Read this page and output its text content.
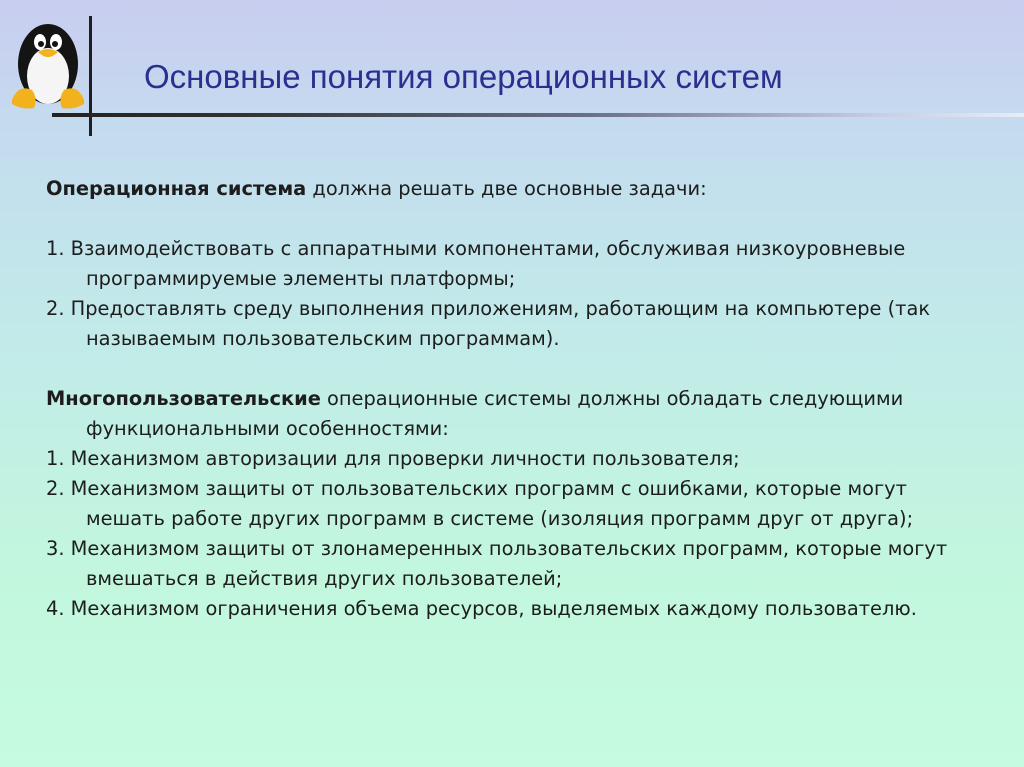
Основные понятия операционных систем

Операционная система должна решать две основные задачи:

1. Взаимодействовать с аппаратными компонентами, обслуживая низкоуровневые программируемые элементы платформы;

2. Предоставлять среду выполнения приложениям, работающим на компьютере (так называемым пользовательским программам).

Многопользовательские операционные системы должны обладать следующими функциональными особенностями:

1. Механизмом авторизации для проверки личности пользователя;

2. Механизмом защиты от пользовательских программ с ошибками, которые могут мешать работе других программ в системе (изоляция программ друг от друга);

3. Механизмом защиты от злонамеренных пользовательских программ, которые могут вмешаться в действия других пользователей;

4. Механизмом ограничения объема ресурсов, выделяемых каждому пользователю.
